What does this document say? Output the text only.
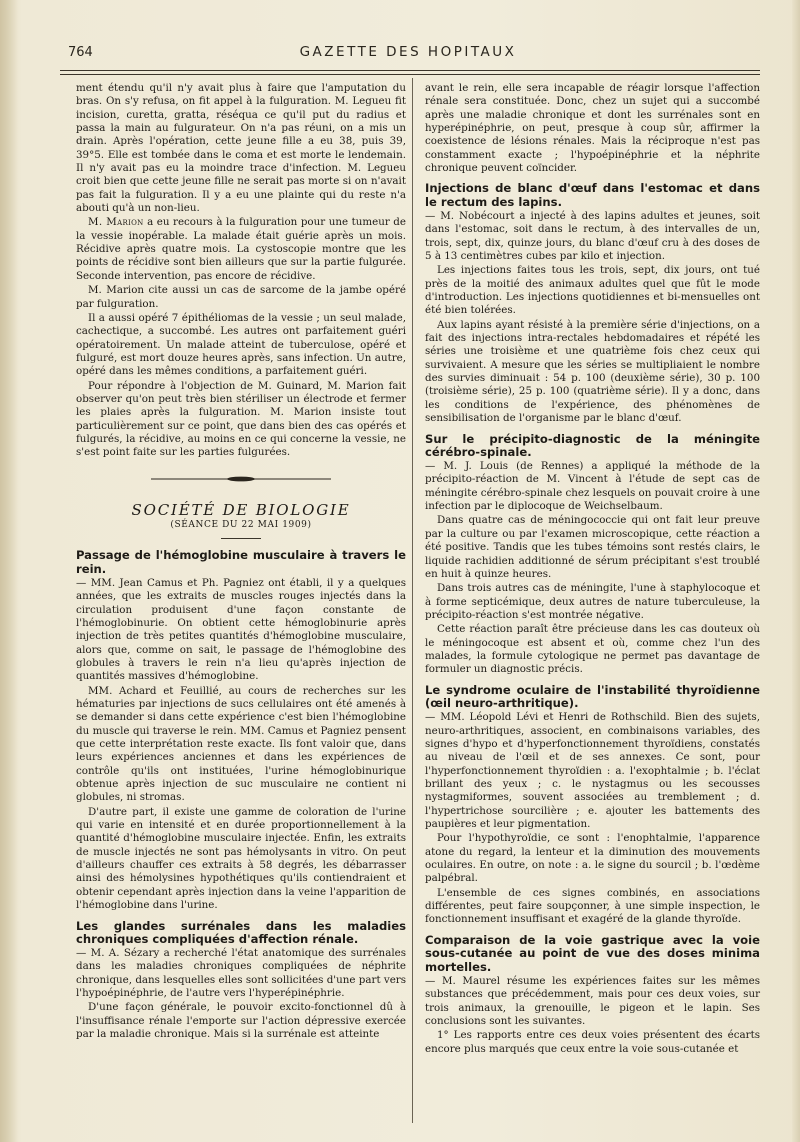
764	GAZETTE DES HOPITAUX

ment étendu qu'il n'y avait plus à faire que l'amputation du bras. On s'y refusa, on fit appel à la fulguration. M. Legueu fit incision, curetta, gratta, réséqua ce qu'il put du radius et passa la main au fulgurateur. On n'a pas réuni, on a mis un drain. Après l'opération, cette jeune fille a eu 38, puis 39, 39°5. Elle est tombée dans le coma et est morte le lendemain. Il n'y avait pas eu la moindre trace d'infection. M. Legueu croit bien que cette jeune fille ne serait pas morte si on n'avait pas fait la fulguration. Il y a eu une plainte qui du reste n'a abouti qu'à un non-lieu.

M. Marion a eu recours à la fulguration pour une tumeur de la vessie inopérable. La malade était guérie après un mois. Récidive après quatre mois. La cystoscopie montre que les points de récidive sont bien ailleurs que sur la partie fulgurée. Seconde intervention, pas encore de récidive.

M. Marion cite aussi un cas de sarcome de la jambe opéré par fulguration.

Il a aussi opéré 7 épithéliomas de la vessie ; un seul malade, cachectique, a succombé. Les autres ont parfaitement guéri opératoirement. Un malade atteint de tuberculose, opéré et fulguré, est mort douze heures après, sans infection. Un autre, opéré dans les mêmes conditions, a parfaitement guéri.

Pour répondre à l'objection de M. Guinard, M. Marion fait observer qu'on peut très bien stériliser un électrode et fermer les plaies après la fulguration. M. Marion insiste tout particulièrement sur ce point, que dans bien des cas opérés et fulgurés, la récidive, au moins en ce qui concerne la vessie, ne s'est point faite sur les parties fulgurées.

SOCIÉTÉ DE BIOLOGIE
(SÉANCE DU 22 MAI 1909)
Passage de l'hémoglobine musculaire à travers le rein.

— MM. Jean Camus et Ph. Pagniez ont établi, il y a quelques années, que les extraits de muscles rouges injectés dans la circulation produisent d'une façon constante de l'hémoglobinurie. On obtient cette hémoglobinurie après injection de très petites quantités d'hémoglobine musculaire, alors que, comme on sait, le passage de l'hémoglobine des globules à travers le rein n'a lieu qu'après injection de quantités massives d'hémoglobine.

MM. Achard et Feuillié, au cours de recherches sur les hématuries par injections de sucs cellulaires ont été amenés à se demander si dans cette expérience c'est bien l'hémoglobine du muscle qui traverse le rein. MM. Camus et Pagniez pensent que cette interprétation reste exacte. Ils font valoir que, dans leurs expériences anciennes et dans les expériences de contrôle qu'ils ont instituées, l'urine hémoglobinurique obtenue après injection de suc musculaire ne contient ni globules, ni stromas.

D'autre part, il existe une gamme de coloration de l'urine qui varie en intensité et en durée proportionnellement à la quantité d'hémoglobine musculaire injectée. Enfin, les extraits de muscle injectés ne sont pas hémolysants in vitro. On peut d'ailleurs chauffer ces extraits à 58 degrés, les débarrasser ainsi des hémolysines hypothétiques qu'ils contiendraient et obtenir cependant après injection dans la veine l'apparition de l'hémoglobine dans l'urine.

Les glandes surrénales dans les maladies chroniques compliquées d'affection rénale.

— M. A. Sézary a recherché l'état anatomique des surrénales dans les maladies chroniques compliquées de néphrite chronique, dans lesquelles elles sont sollicitées d'une part vers l'hypoépinéphrie, de l'autre vers l'hyperépinéphrie.

D'une façon générale, le pouvoir excito-fonctionnel dû à l'insuffisance rénale l'emporte sur l'action dépressive exercée par la maladie chronique. Mais si la surrénale est atteinte

avant le rein, elle sera incapable de réagir lorsque l'affection rénale sera constituée. Donc, chez un sujet qui a succombé après une maladie chronique et dont les surrénales sont en hyperépinéphrie, on peut, presque à coup sûr, affirmer la coexistence de lésions rénales. Mais la réciproque n'est pas constamment exacte ; l'hypoépinéphrie et la néphrite chronique peuvent coïncider.

Injections de blanc d'œuf dans l'estomac et dans le rectum des lapins.

— M. Nobécourt a injecté à des lapins adultes et jeunes, soit dans l'estomac, soit dans le rectum, à des intervalles de un, trois, sept, dix, quinze jours, du blanc d'œuf cru à des doses de 5 à 13 centimètres cubes par kilo et injection.

Les injections faites tous les trois, sept, dix jours, ont tué près de la moitié des animaux adultes quel que fût le mode d'introduction. Les injections quotidiennes et bi-mensuelles ont été bien tolérées.

Aux lapins ayant résisté à la première série d'injections, on a fait des injections intra-rectales hebdomadaires et répété les séries une troisième et une quatrième fois chez ceux qui survivaient. A mesure que les séries se multipliaient le nombre des survies diminuait : 54 p. 100 (deuxième série), 30 p. 100 (troisième série), 25 p. 100 (quatrième série). Il y a donc, dans les conditions de l'expérience, des phénomènes de sensibilisation de l'organisme par le blanc d'œuf.

Sur le précipito-diagnostic de la méningite cérébro-spinale.

— M. J. Louis (de Rennes) a appliqué la méthode de la précipito-réaction de M. Vincent à l'étude de sept cas de méningite cérébro-spinale chez lesquels on pouvait croire à une infection par le diplocoque de Weichselbaum.

Dans quatre cas de méningococcie qui ont fait leur preuve par la culture ou par l'examen microscopique, cette réaction a été positive. Tandis que les tubes témoins sont restés clairs, le liquide rachidien additionné de sérum précipitant s'est troublé en huit à quinze heures.

Dans trois autres cas de méningite, l'une à staphylocoque et à forme septicémique, deux autres de nature tuberculeuse, la précipito-réaction s'est montrée négative.

Cette réaction paraît être précieuse dans les cas douteux où le méningocoque est absent et où, comme chez l'un des malades, la formule cytologique ne permet pas davantage de formuler un diagnostic précis.

Le syndrome oculaire de l'instabilité thyroïdienne (œil neuro-arthritique).

— MM. Léopold Lévi et Henri de Rothschild. Bien des sujets, neuro-arthritiques, associent, en combinaisons variables, des signes d'hypo et d'hyperfonctionnement thyroïdiens, constatés au niveau de l'œil et de ses annexes. Ce sont, pour l'hyperfonctionnement thyroïdien : a. l'exophtalmie ; b. l'éclat brillant des yeux ; c. le nystagmus ou les secousses nystagmiformes, souvent associées au tremblement ; d. l'hypertrichose sourcilière ; e. ajouter les battements des paupières et leur pigmentation.

Pour l'hypothyroïdie, ce sont : l'enophtalmie, l'apparence atone du regard, la lenteur et la diminution des mouvements oculaires. En outre, on note : a. le signe du sourcil ; b. l'œdème palpébral.

L'ensemble de ces signes combinés, en associations différentes, peut faire soupçonner, à une simple inspection, le fonctionnement insuffisant et exagéré de la glande thyroïde.

Comparaison de la voie gastrique avec la voie sous-cutanée au point de vue des doses minima mortelles.

— M. Maurel résume les expériences faites sur les mêmes substances que précédemment, mais pour ces deux voies, sur trois animaux, la grenouille, le pigeon et le lapin. Ses conclusions sont les suivantes.

1° Les rapports entre ces deux voies présentent des écarts encore plus marqués que ceux entre la voie sous-cutanée et
